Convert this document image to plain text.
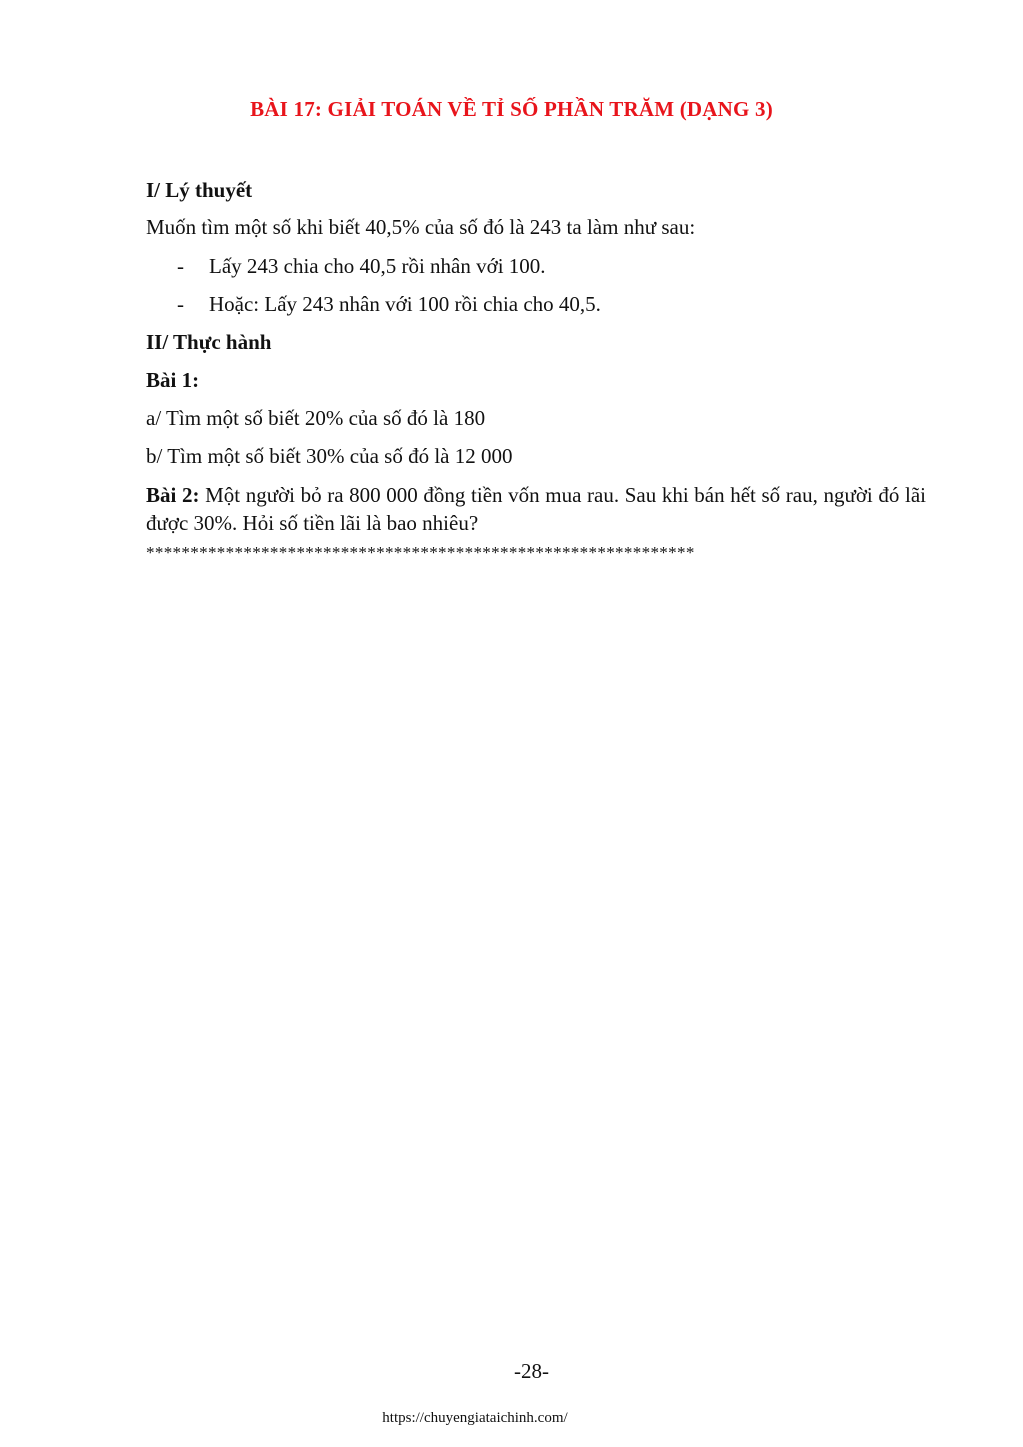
BÀI 17: GIẢI TOÁN VỀ TỈ SỐ PHẦN TRĂM (DẠNG 3)
I/ Lý thuyết
Muốn tìm một số khi biết 40,5% của số đó là 243 ta làm như sau:
- Lấy 243 chia cho 40,5 rồi nhân với 100.
- Hoặc: Lấy 243 nhân với 100 rồi chia cho 40,5.
II/ Thực hành
Bài 1:
a/ Tìm một số biết 20% của số đó là 180
b/ Tìm một số biết 30% của số đó là 12 000
Bài 2: Một người bỏ ra 800 000 đồng tiền vốn mua rau. Sau khi bán hết số rau, người đó lãi được 30%. Hỏi số tiền lãi là bao nhiêu?
**************************************************************
-28-
https://chuyengiataichinh.com/
